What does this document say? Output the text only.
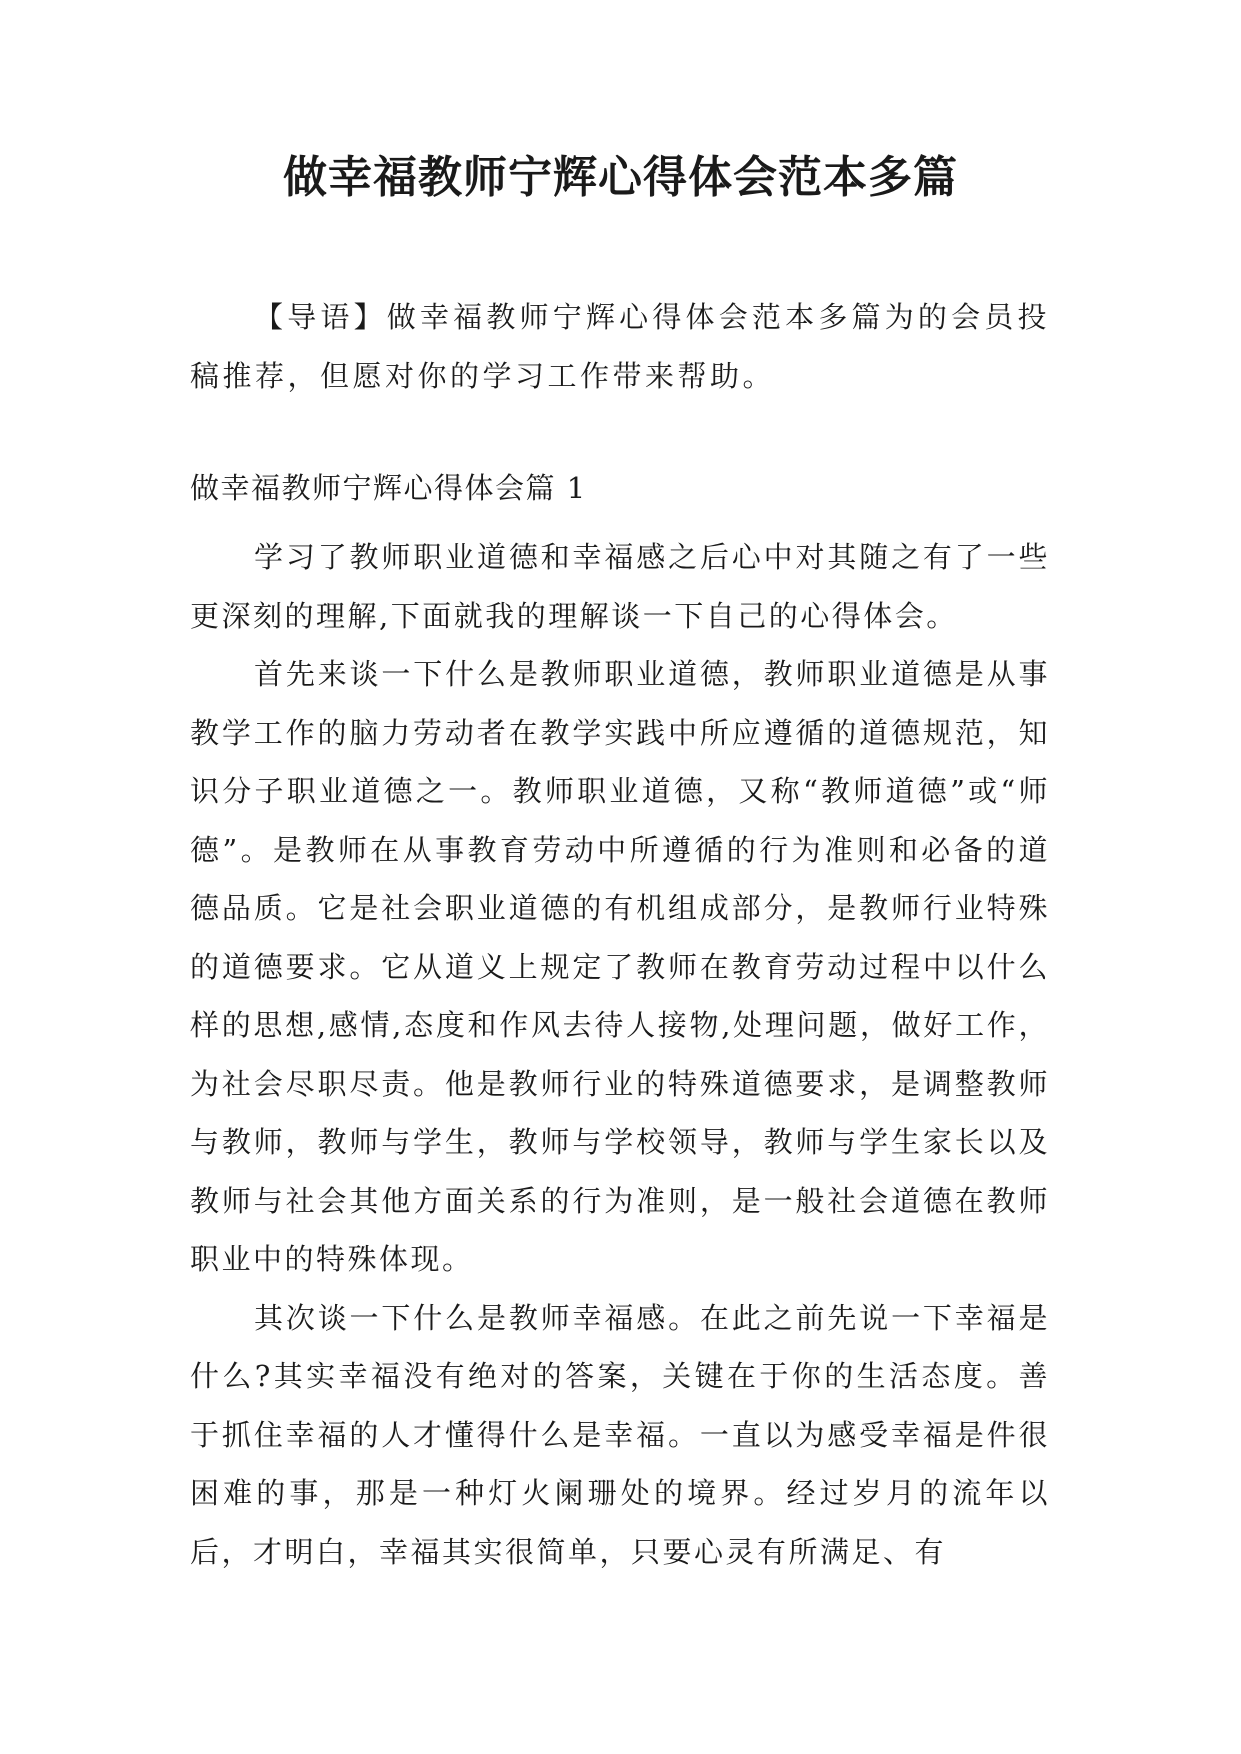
做幸福教师宁辉心得体会范本多篇

【导语】做幸福教师宁辉心得体会范本多篇为的会员投稿推荐，但愿对你的学习工作带来帮助。

做幸福教师宁辉心得体会篇 1

学习了教师职业道德和幸福感之后心中对其随之有了一些更深刻的理解,下面就我的理解谈一下自己的心得体会。

首先来谈一下什么是教师职业道德，教师职业道德是从事教学工作的脑力劳动者在教学实践中所应遵循的道德规范，知识分子职业道德之一。教师职业道德，又称“教师道德”或“师德”。是教师在从事教育劳动中所遵循的行为准则和必备的道德品质。它是社会职业道德的有机组成部分，是教师行业特殊的道德要求。它从道义上规定了教师在教育劳动过程中以什么样的思想,感情,态度和作风去待人接物,处理问题，做好工作，为社会尽职尽责。他是教师行业的特殊道德要求，是调整教师与教师，教师与学生，教师与学校领导，教师与学生家长以及教师与社会其他方面关系的行为准则，是一般社会道德在教师职业中的特殊体现。

其次谈一下什么是教师幸福感。在此之前先说一下幸福是什么?其实幸福没有绝对的答案，关键在于你的生活态度。善于抓住幸福的人才懂得什么是幸福。一直以为感受幸福是件很困难的事，那是一种灯火阑珊处的境界。经过岁月的流年以后，才明白，幸福其实很简单，只要心灵有所满足、有
